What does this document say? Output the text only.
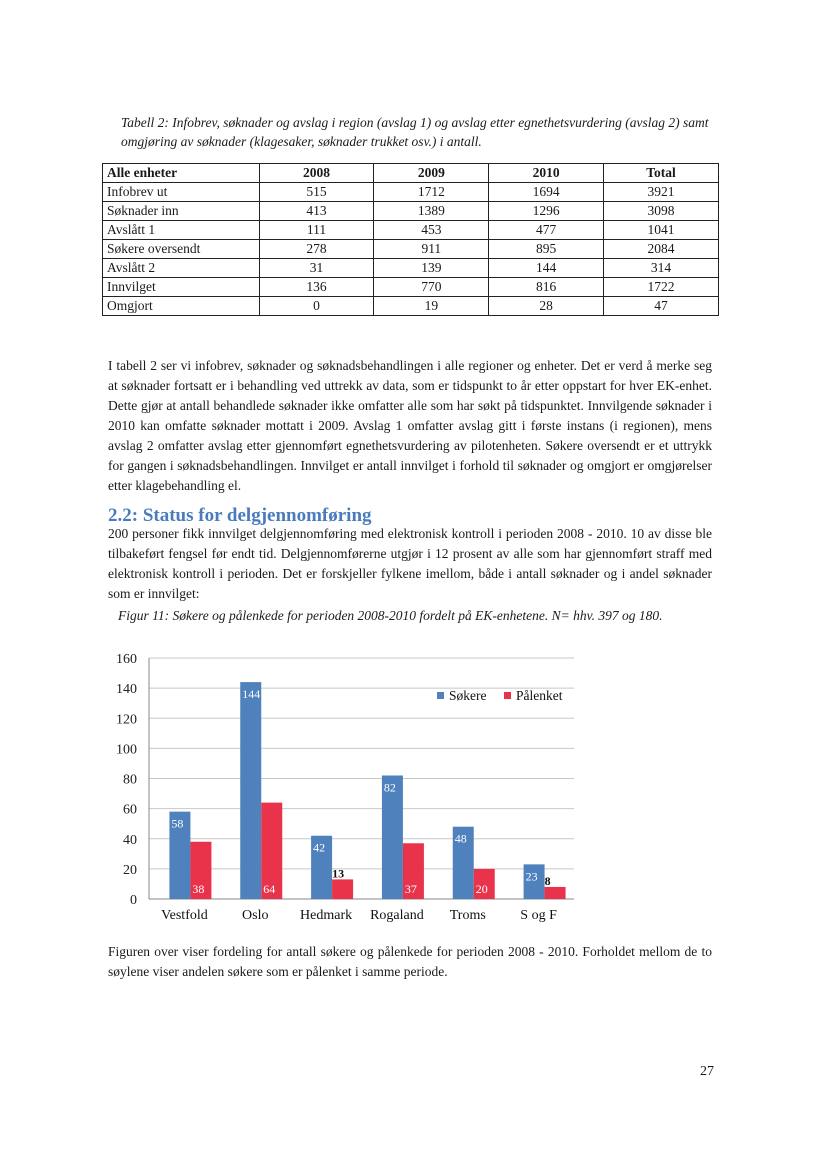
Tabell 2: Infobrev, søknader og avslag i region (avslag 1) og avslag etter egnethetsvurdering (avslag 2) samt omgjøring av søknader (klagesaker, søknader trukket osv.) i antall.
Alle enheter	2008	2009	2010	Total
Infobrev ut	515	1712	1694	3921
Søknader inn	413	1389	1296	3098
Avslått 1	111	453	477	1041
Søkere oversendt	278	911	895	2084
Avslått 2	31	139	144	314
Innvilget	136	770	816	1722
Omgjort	0	19	28	47
I tabell 2 ser vi infobrev, søknader og søknadsbehandlingen i alle regioner og enheter. Det er verd å merke seg at søknader fortsatt er i behandling ved uttrekk av data, som er tidspunkt to år etter oppstart for hver EK-enhet. Dette gjør at antall behandlede søknader ikke omfatter alle som har søkt på tidspunktet. Innvilgende søknader i 2010 kan omfatte søknader mottatt i 2009. Avslag 1 omfatter avslag gitt i første instans (i regionen), mens avslag 2 omfatter avslag etter gjennomført egnethetsvurdering av pilotenheten. Søkere oversendt er et uttrykk for gangen i søknadsbehandlingen. Innvilget er antall innvilget i forhold til søknader og omgjort er omgjørelser etter klagebehandling el.
2.2: Status for delgjennomføring
200 personer fikk innvilget delgjennomføring med elektronisk kontroll i perioden 2008 - 2010. 10 av disse ble tilbakeført fengsel før endt tid. Delgjennomførerne utgjør i 12 prosent av alle som har gjennomført straff med elektronisk kontroll i perioden. Det er forskjeller fylkene imellom, både i antall søknader og i andel søknader som er innvilget:
Figur 11: Søkere og pålenkede for perioden 2008-2010 fordelt på EK-enhetene. N= hhv. 397 og 180.
0
20
40
60
80
100
120
140
160
58
38
Vestfold
144
64
Oslo
42
13
Hedmark
82
37
Rogaland
48
20
Troms
23 8
S og F
Søkere Pålenket
Figuren over viser fordeling for antall søkere og pålenkede for perioden 2008 - 2010. Forholdet mellom de to søylene viser andelen søkere som er pålenket i samme periode.
27
